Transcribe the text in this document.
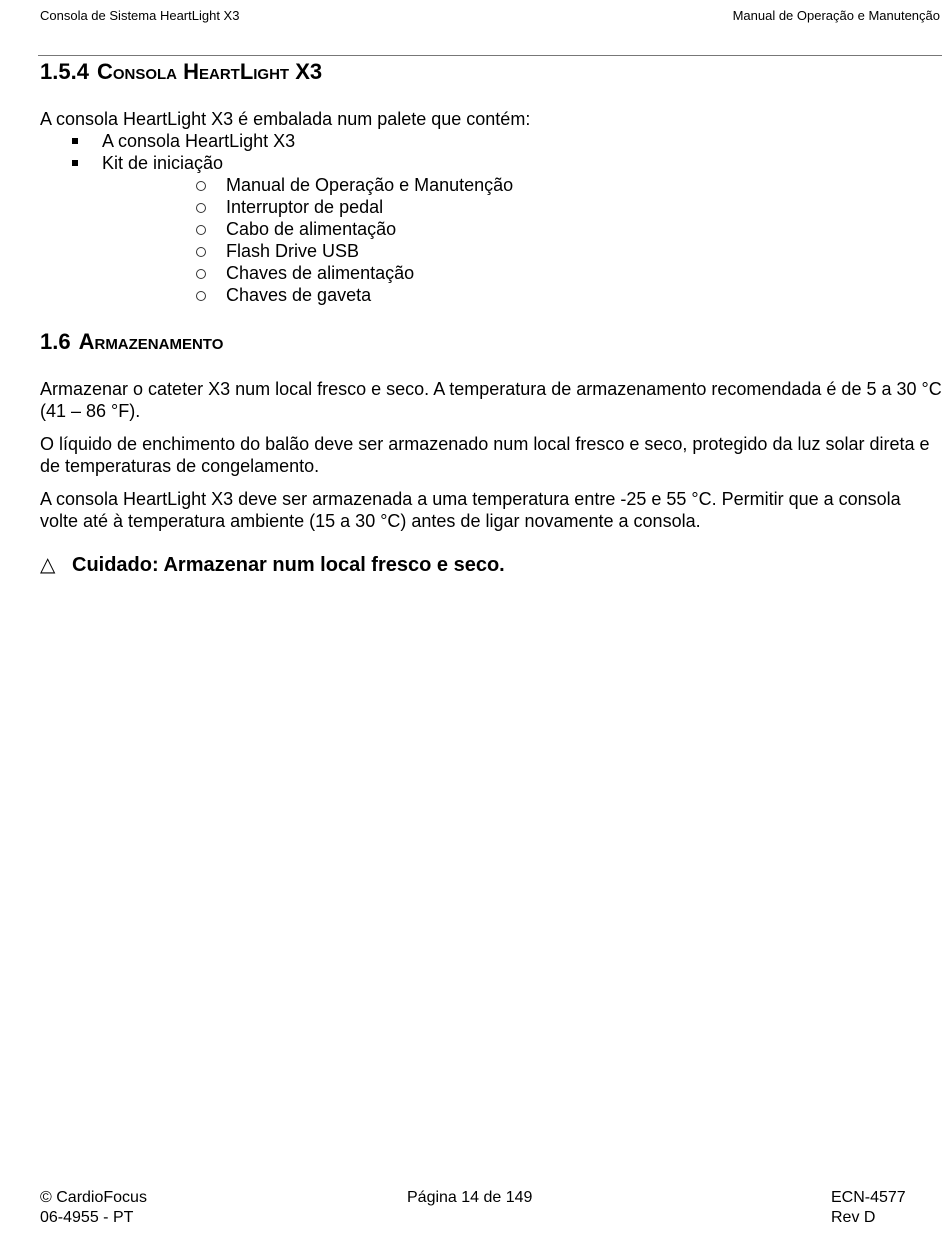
Consola de Sistema HeartLight X3	Manual de Operação e Manutenção
1.5.4 Consola HeartLight X3

A consola HeartLight X3 é embalada num palete que contém:

A consola HeartLight X3
Kit de iniciação
Manual de Operação e Manutenção
Interruptor de pedal
Cabo de alimentação
Flash Drive USB
Chaves de alimentação
Chaves de gaveta
1.6 Armazenamento

Armazenar o cateter X3 num local fresco e seco. A temperatura de armazenamento recomendada é de 5 a 30 °C (41 – 86 °F).

O líquido de enchimento do balão deve ser armazenado num local fresco e seco, protegido da luz solar direta e de temperaturas de congelamento.

A consola HeartLight X3 deve ser armazenada a uma temperatura entre -25 e 55 °C. Permitir que a consola volte até à temperatura ambiente (15 a 30 °C) antes de ligar novamente a consola.

△ Cuidado: Armazenar num local fresco e seco.
© CardioFocus
06-4955 - PT
Página 14 de 149	ECN-4577
Rev D
